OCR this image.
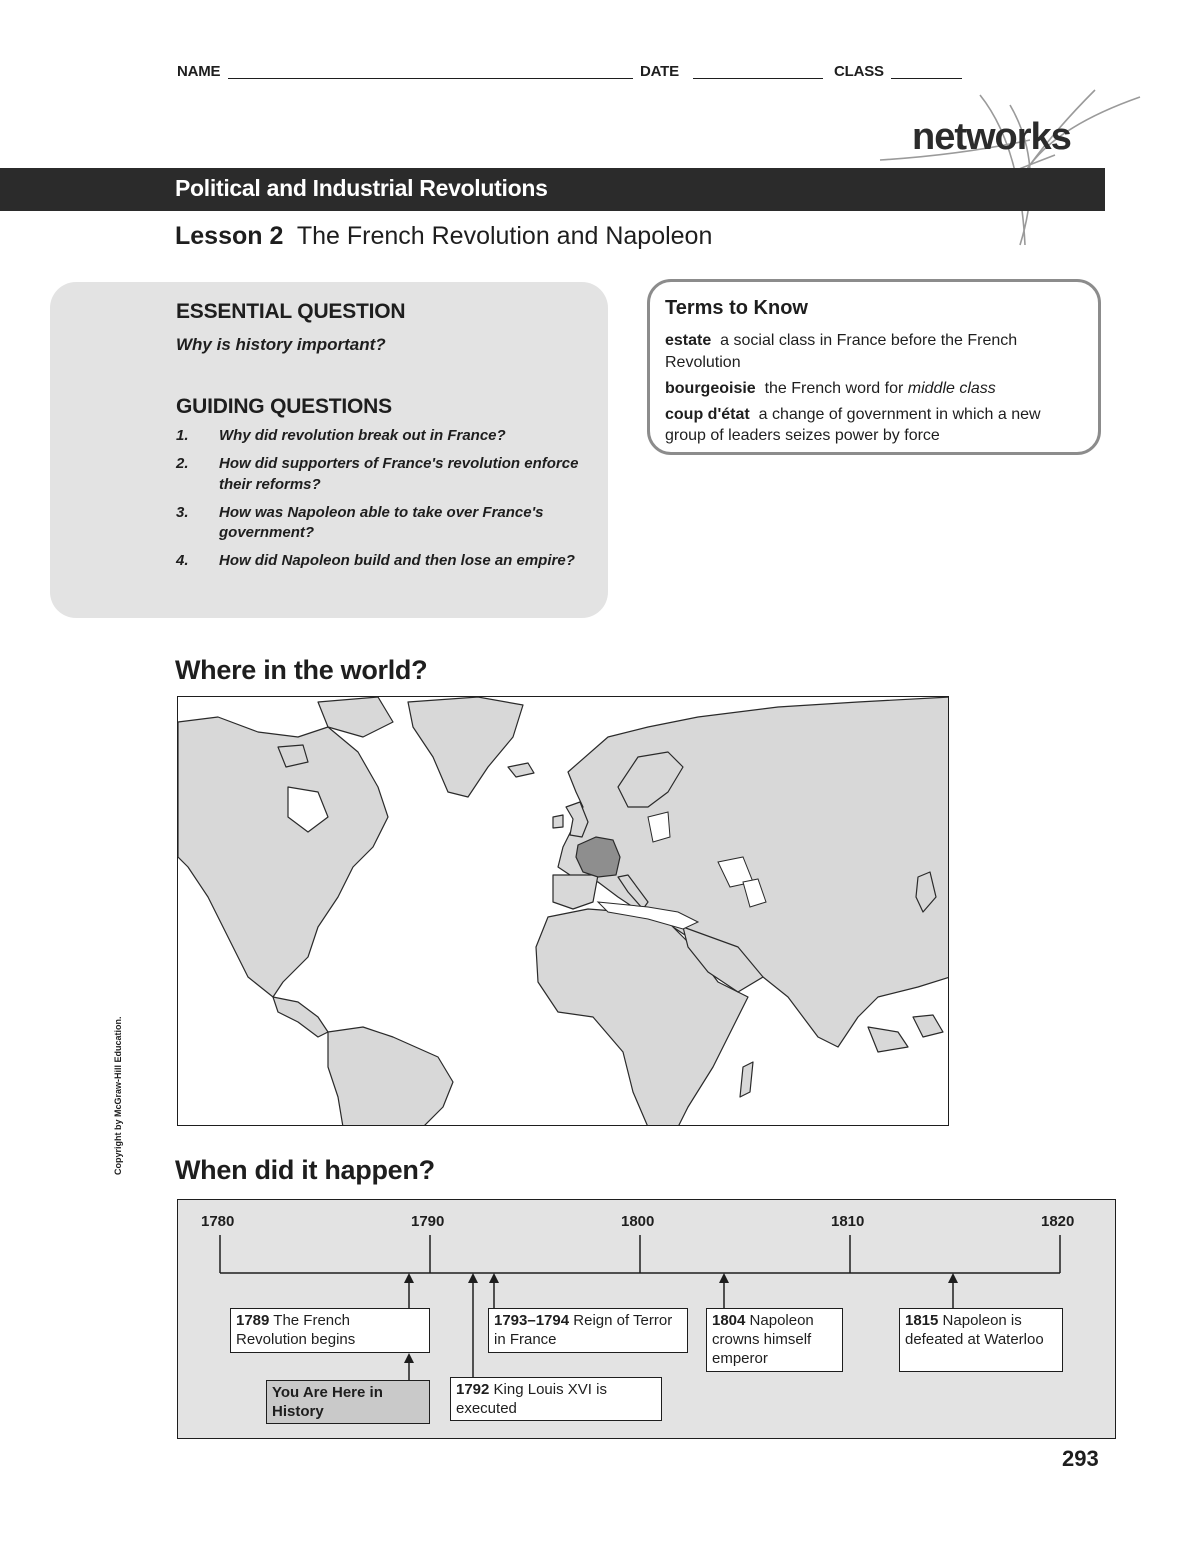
NAME	DATE	CLASS
networks
Political and Industrial Revolutions
Lesson 2 The French Revolution and Napoleon
ESSENTIAL QUESTION
Why is history important?
GUIDING QUESTIONS
1.	Why did revolution break out in France?
2.	How did supporters of France's revolution enforce their reforms?
3.	How was Napoleon able to take over France's government?
4.	How did Napoleon build and then lose an empire?
Terms to Know
estate a social class in France before the French Revolution
bourgeoisie the French word for middle class
coup d'état a change of government in which a new group of leaders seizes power by force
Where in the world?
Copyright by McGraw-Hill Education. When did it happen?
1780	1790	1800	1810	1820
1789 The French Revolution begins
You Are Here in History
1792 King Louis XVI is executed
1793–1794 Reign of Terror in France
1804 Napoleon crowns himself emperor
1815 Napoleon is defeated at Waterloo
293
